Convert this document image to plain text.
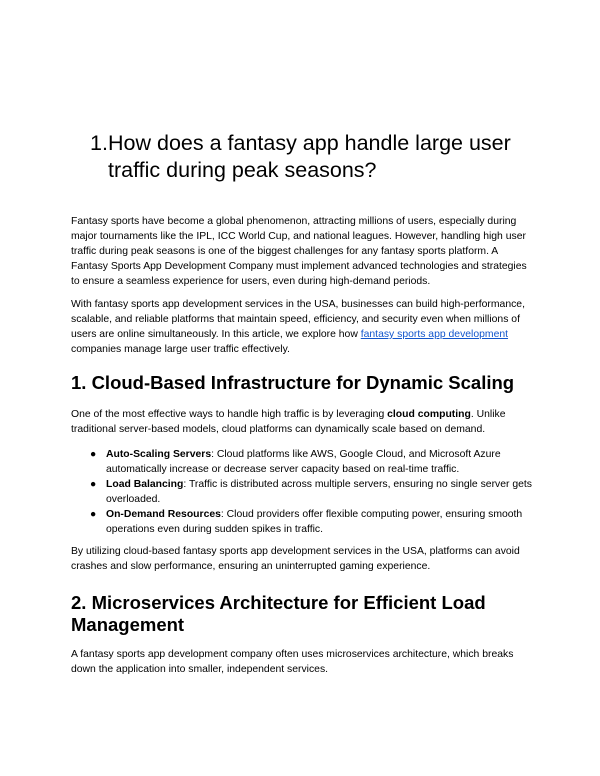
1. How does a fantasy app handle large user traffic during peak seasons?

Fantasy sports have become a global phenomenon, attracting millions of users, especially during major tournaments like the IPL, ICC World Cup, and national leagues. However, handling high user traffic during peak seasons is one of the biggest challenges for any fantasy sports platform. A Fantasy Sports App Development Company must implement advanced technologies and strategies to ensure a seamless experience for users, even during high-demand periods.

With fantasy sports app development services in the USA, businesses can build high-performance, scalable, and reliable platforms that maintain speed, efficiency, and security even when millions of users are online simultaneously. In this article, we explore how fantasy sports app development companies manage large user traffic effectively.

1. Cloud-Based Infrastructure for Dynamic Scaling

One of the most effective ways to handle high traffic is by leveraging cloud computing. Unlike traditional server-based models, cloud platforms can dynamically scale based on demand.

● Auto-Scaling Servers: Cloud platforms like AWS, Google Cloud, and Microsoft Azure automatically increase or decrease server capacity based on real-time traffic.
● Load Balancing: Traffic is distributed across multiple servers, ensuring no single server gets overloaded.
● On-Demand Resources: Cloud providers offer flexible computing power, ensuring smooth operations even during sudden spikes in traffic.

By utilizing cloud-based fantasy sports app development services in the USA, platforms can avoid crashes and slow performance, ensuring an uninterrupted gaming experience.

2. Microservices Architecture for Efficient Load Management

A fantasy sports app development company often uses microservices architecture, which breaks down the application into smaller, independent services.
